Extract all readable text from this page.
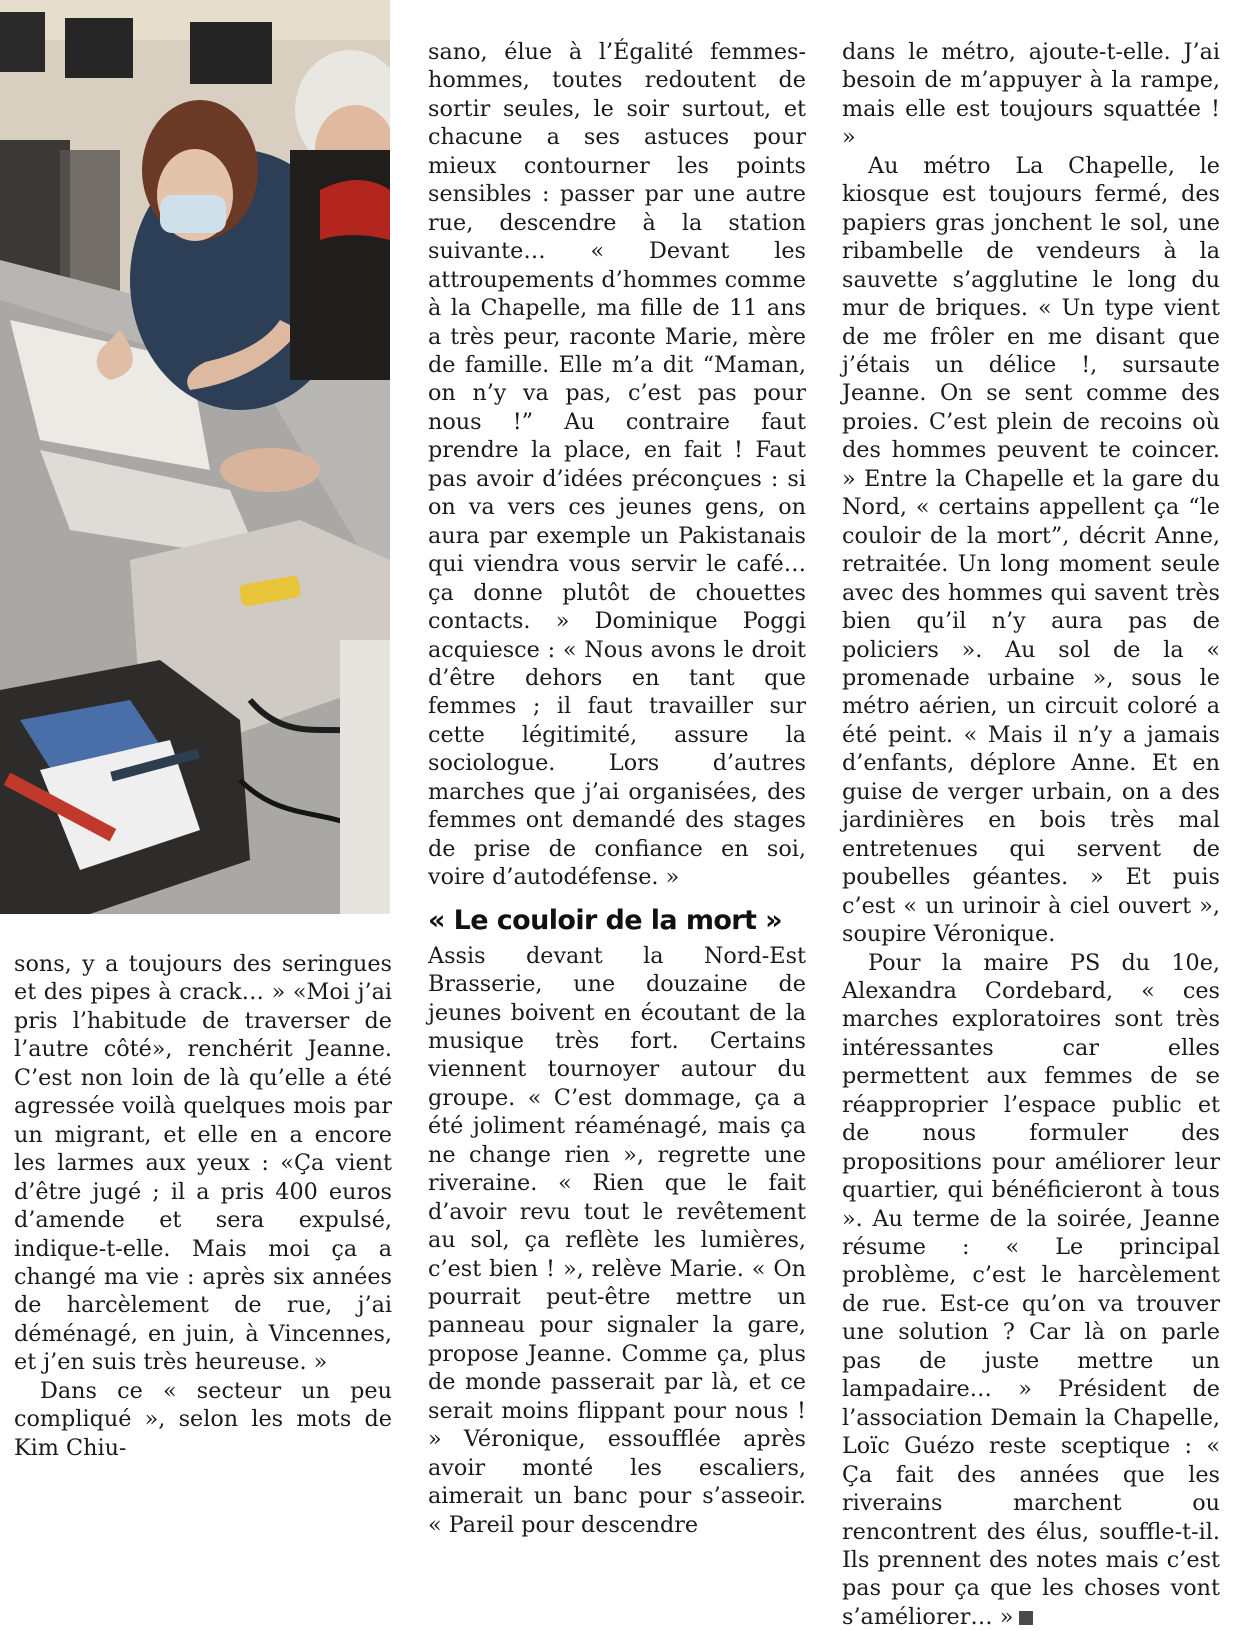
sons, y a toujours des seringues et des pipes à crack… » «Moi j’ai pris l’habitude de traverser de l’autre côté», renchérit Jeanne. C’est non loin de là qu’elle a été agressée voilà quelques mois par un migrant, et elle en a encore les larmes aux yeux : «Ça vient d’être jugé ; il a pris 400 euros d’amende et sera expulsé, indique-t-elle. Mais moi ça a changé ma vie : après six années de harcèlement de rue, j’ai déménagé, en juin, à Vincennes, et j’en suis très heureuse. »

Dans ce « secteur un peu compliqué », selon les mots de Kim Chiu-

sano, élue à l’Égalité femmes-hommes, toutes redoutent de sortir seules, le soir surtout, et chacune a ses astuces pour mieux contourner les points sensibles : passer par une autre rue, descendre à la station suivante… « Devant les attroupements d’hommes comme à la Chapelle, ma fille de 11 ans a très peur, raconte Marie, mère de famille. Elle m’a dit “Maman, on n’y va pas, c’est pas pour nous !” Au contraire faut prendre la place, en fait ! Faut pas avoir d’idées préconçues : si on va vers ces jeunes gens, on aura par exemple un Pakistanais qui viendra vous servir le café… ça donne plutôt de chouettes contacts. » Dominique Poggi acquiesce : « Nous avons le droit d’être dehors en tant que femmes ; il faut travailler sur cette légitimité, assure la sociologue. Lors d’autres marches que j’ai organisées, des femmes ont demandé des stages de prise de confiance en soi, voire d’autodéfense. »

« Le couloir de la mort »

Assis devant la Nord-Est Brasserie, une douzaine de jeunes boivent en écoutant de la musique très fort. Certains viennent tournoyer autour du groupe. « C’est dommage, ça a été joliment réaménagé, mais ça ne change rien », regrette une riveraine. « Rien que le fait d’avoir revu tout le revêtement au sol, ça reflète les lumières, c’est bien ! », relève Marie. « On pourrait peut-être mettre un panneau pour signaler la gare, propose Jeanne. Comme ça, plus de monde passerait par là, et ce serait moins flippant pour nous ! » Véronique, essoufflée après avoir monté les escaliers, aimerait un banc pour s’asseoir. « Pareil pour descendre

dans le métro, ajoute-t-elle. J’ai besoin de m’appuyer à la rampe, mais elle est toujours squattée ! »

Au métro La Chapelle, le kiosque est toujours fermé, des papiers gras jonchent le sol, une ribambelle de vendeurs à la sauvette s’agglutine le long du mur de briques. « Un type vient de me frôler en me disant que j’étais un délice !, sursaute Jeanne. On se sent comme des proies. C’est plein de recoins où des hommes peuvent te coincer. » Entre la Chapelle et la gare du Nord, « certains appellent ça “le couloir de la mort”, décrit Anne, retraitée. Un long moment seule avec des hommes qui savent très bien qu’il n’y aura pas de policiers ». Au sol de la « promenade urbaine », sous le métro aérien, un circuit coloré a été peint. « Mais il n’y a jamais d’enfants, déplore Anne. Et en guise de verger urbain, on a des jardinières en bois très mal entretenues qui servent de poubelles géantes. » Et puis c’est « un urinoir à ciel ouvert », soupire Véronique.

Pour la maire PS du 10e, Alexandra Cordebard, « ces marches exploratoires sont très intéressantes car elles permettent aux femmes de se réapproprier l’espace public et de nous formuler des propositions pour améliorer leur quartier, qui bénéficieront à tous ». Au terme de la soirée, Jeanne résume : « Le principal problème, c’est le harcèlement de rue. Est-ce qu’on va trouver une solution ? Car là on parle pas de juste mettre un lampadaire… » Président de l’association Demain la Chapelle, Loïc Guézo reste sceptique : « Ça fait des années que les riverains marchent ou rencontrent des élus, souffle-t-il. Ils prennent des notes mais c’est pas pour ça que les choses vont s’améliorer… »
